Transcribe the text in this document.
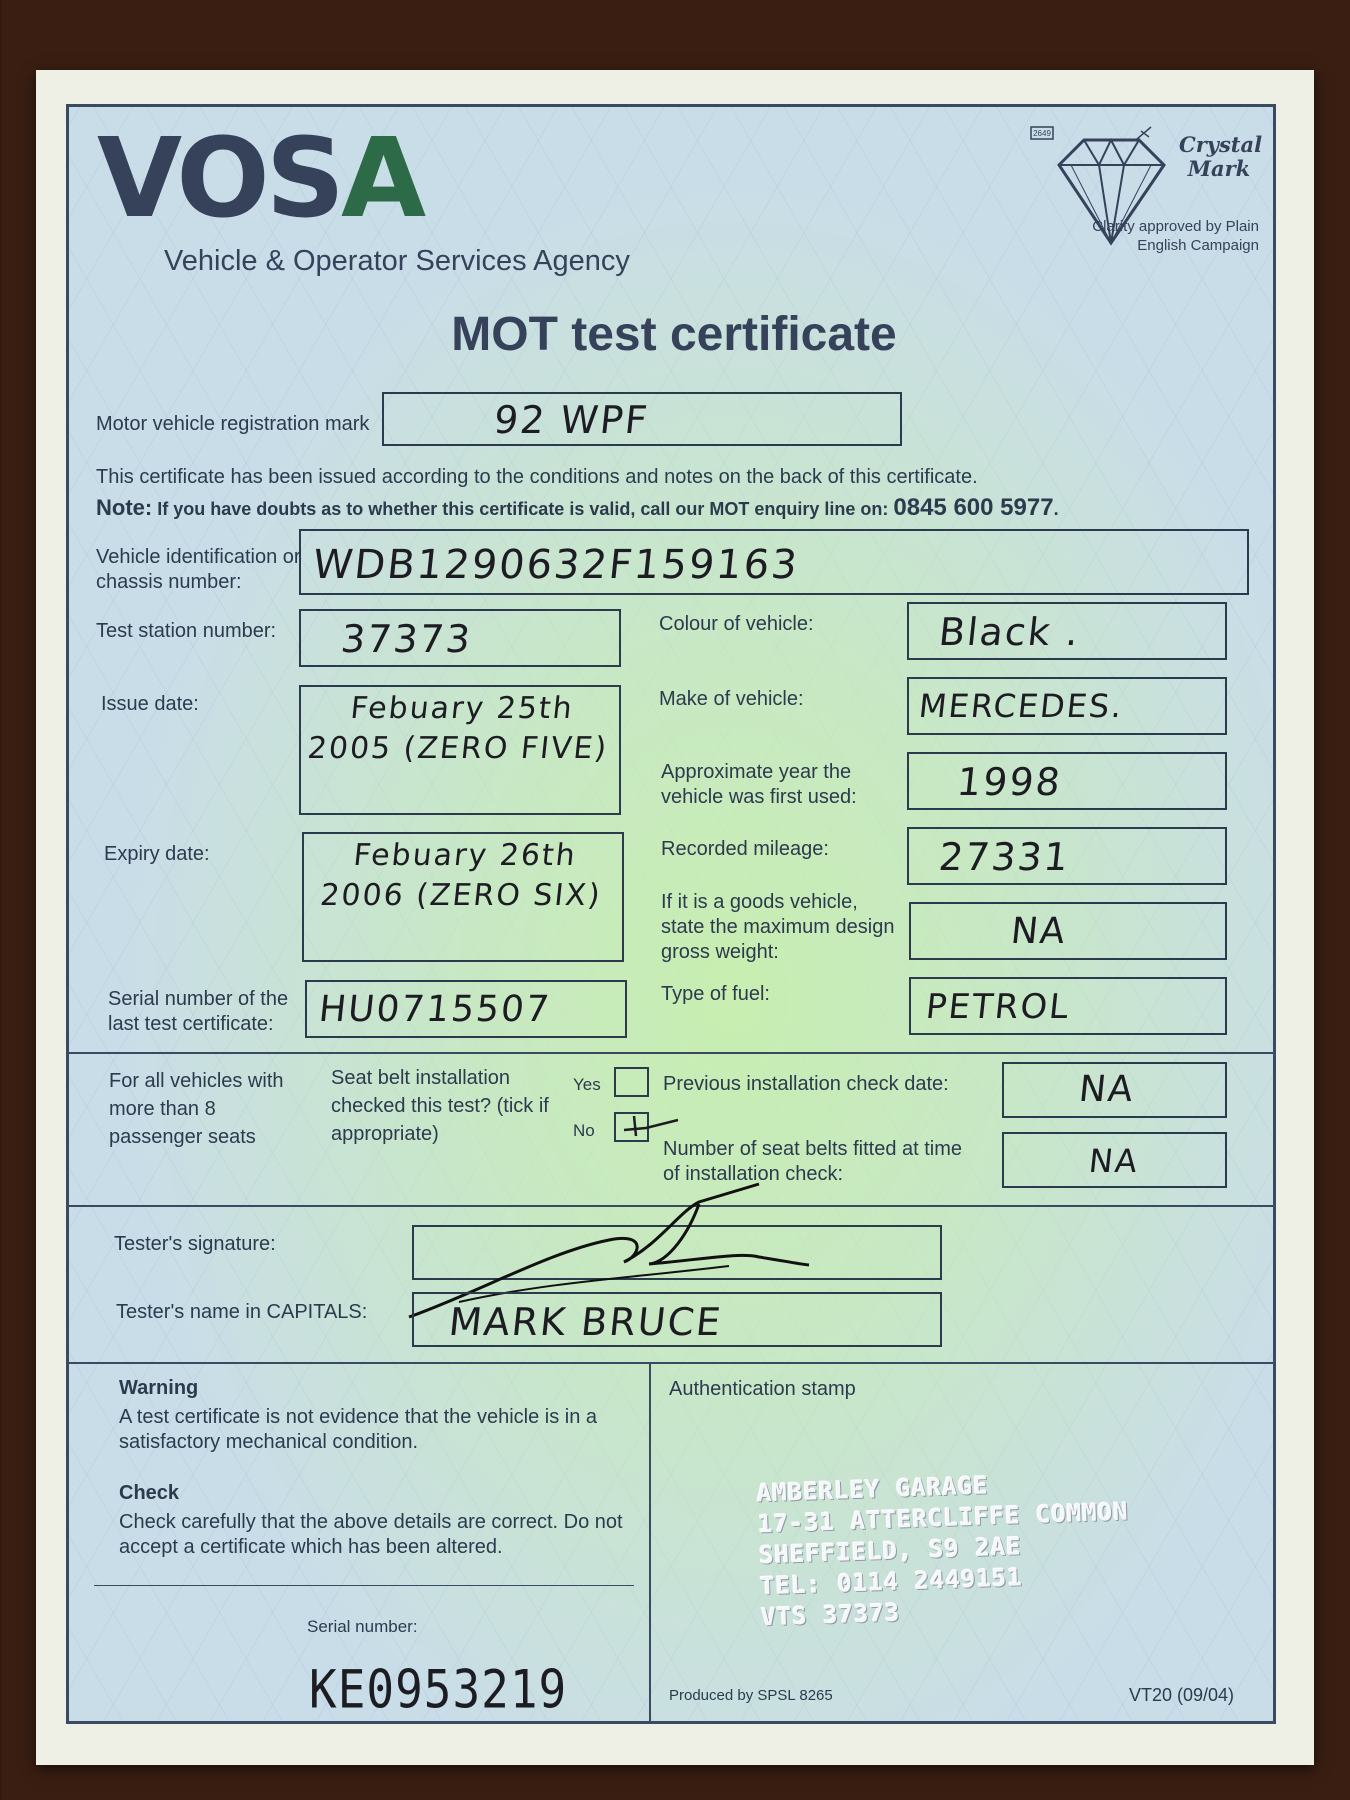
VOSA
Vehicle & Operator Services Agency
2649	Crystal Mark
Clarity approved by Plain English Campaign
MOT test certificate
Motor vehicle registration mark	92 WPF
This certificate has been issued according to the conditions and notes on the back of this certificate.
Note: If you have doubts as to whether this certificate is valid, call our MOT enquiry line on: 0845 600 5977.
Vehicle identification or chassis number:	WDB1290632F159163
Test station number: 37373
Issue date:	Febuary 25th 2005 (ZERO FIVE)
Expiry date:	Febuary 26th 2006 (ZERO SIX)
Serial number of the last test certificate:	HU0715507
Colour of vehicle:	Black .
Make of vehicle:	MERCEDES.
Approximate year the vehicle was first used:	1998
Recorded mileage:	27331
If it is a goods vehicle, state the maximum design gross weight:	NA
Type of fuel:	PETROL
For all vehicles with more than 8 passenger seats
Seat belt installation checked this test? (tick if appropriate)
Yes
No
Previous installation check date:	NA
Number of seat belts fitted at time of installation check:	NA
Tester's signature:
Tester's name in CAPITALS: MARK BRUCE
Warning
A test certificate is not evidence that the vehicle is in a satisfactory mechanical condition.
Check
Check carefully that the above details are correct. Do not accept a certificate which has been altered.
Serial number:
KE0953219
Authentication stamp
AMBERLEY GARAGE
17-31 ATTERCLIFFE COMMON
SHEFFIELD, S9 2AE
TEL: 0114 2449151
VTS 37373
Produced by SPSL 8265	VT20 (09/04)
